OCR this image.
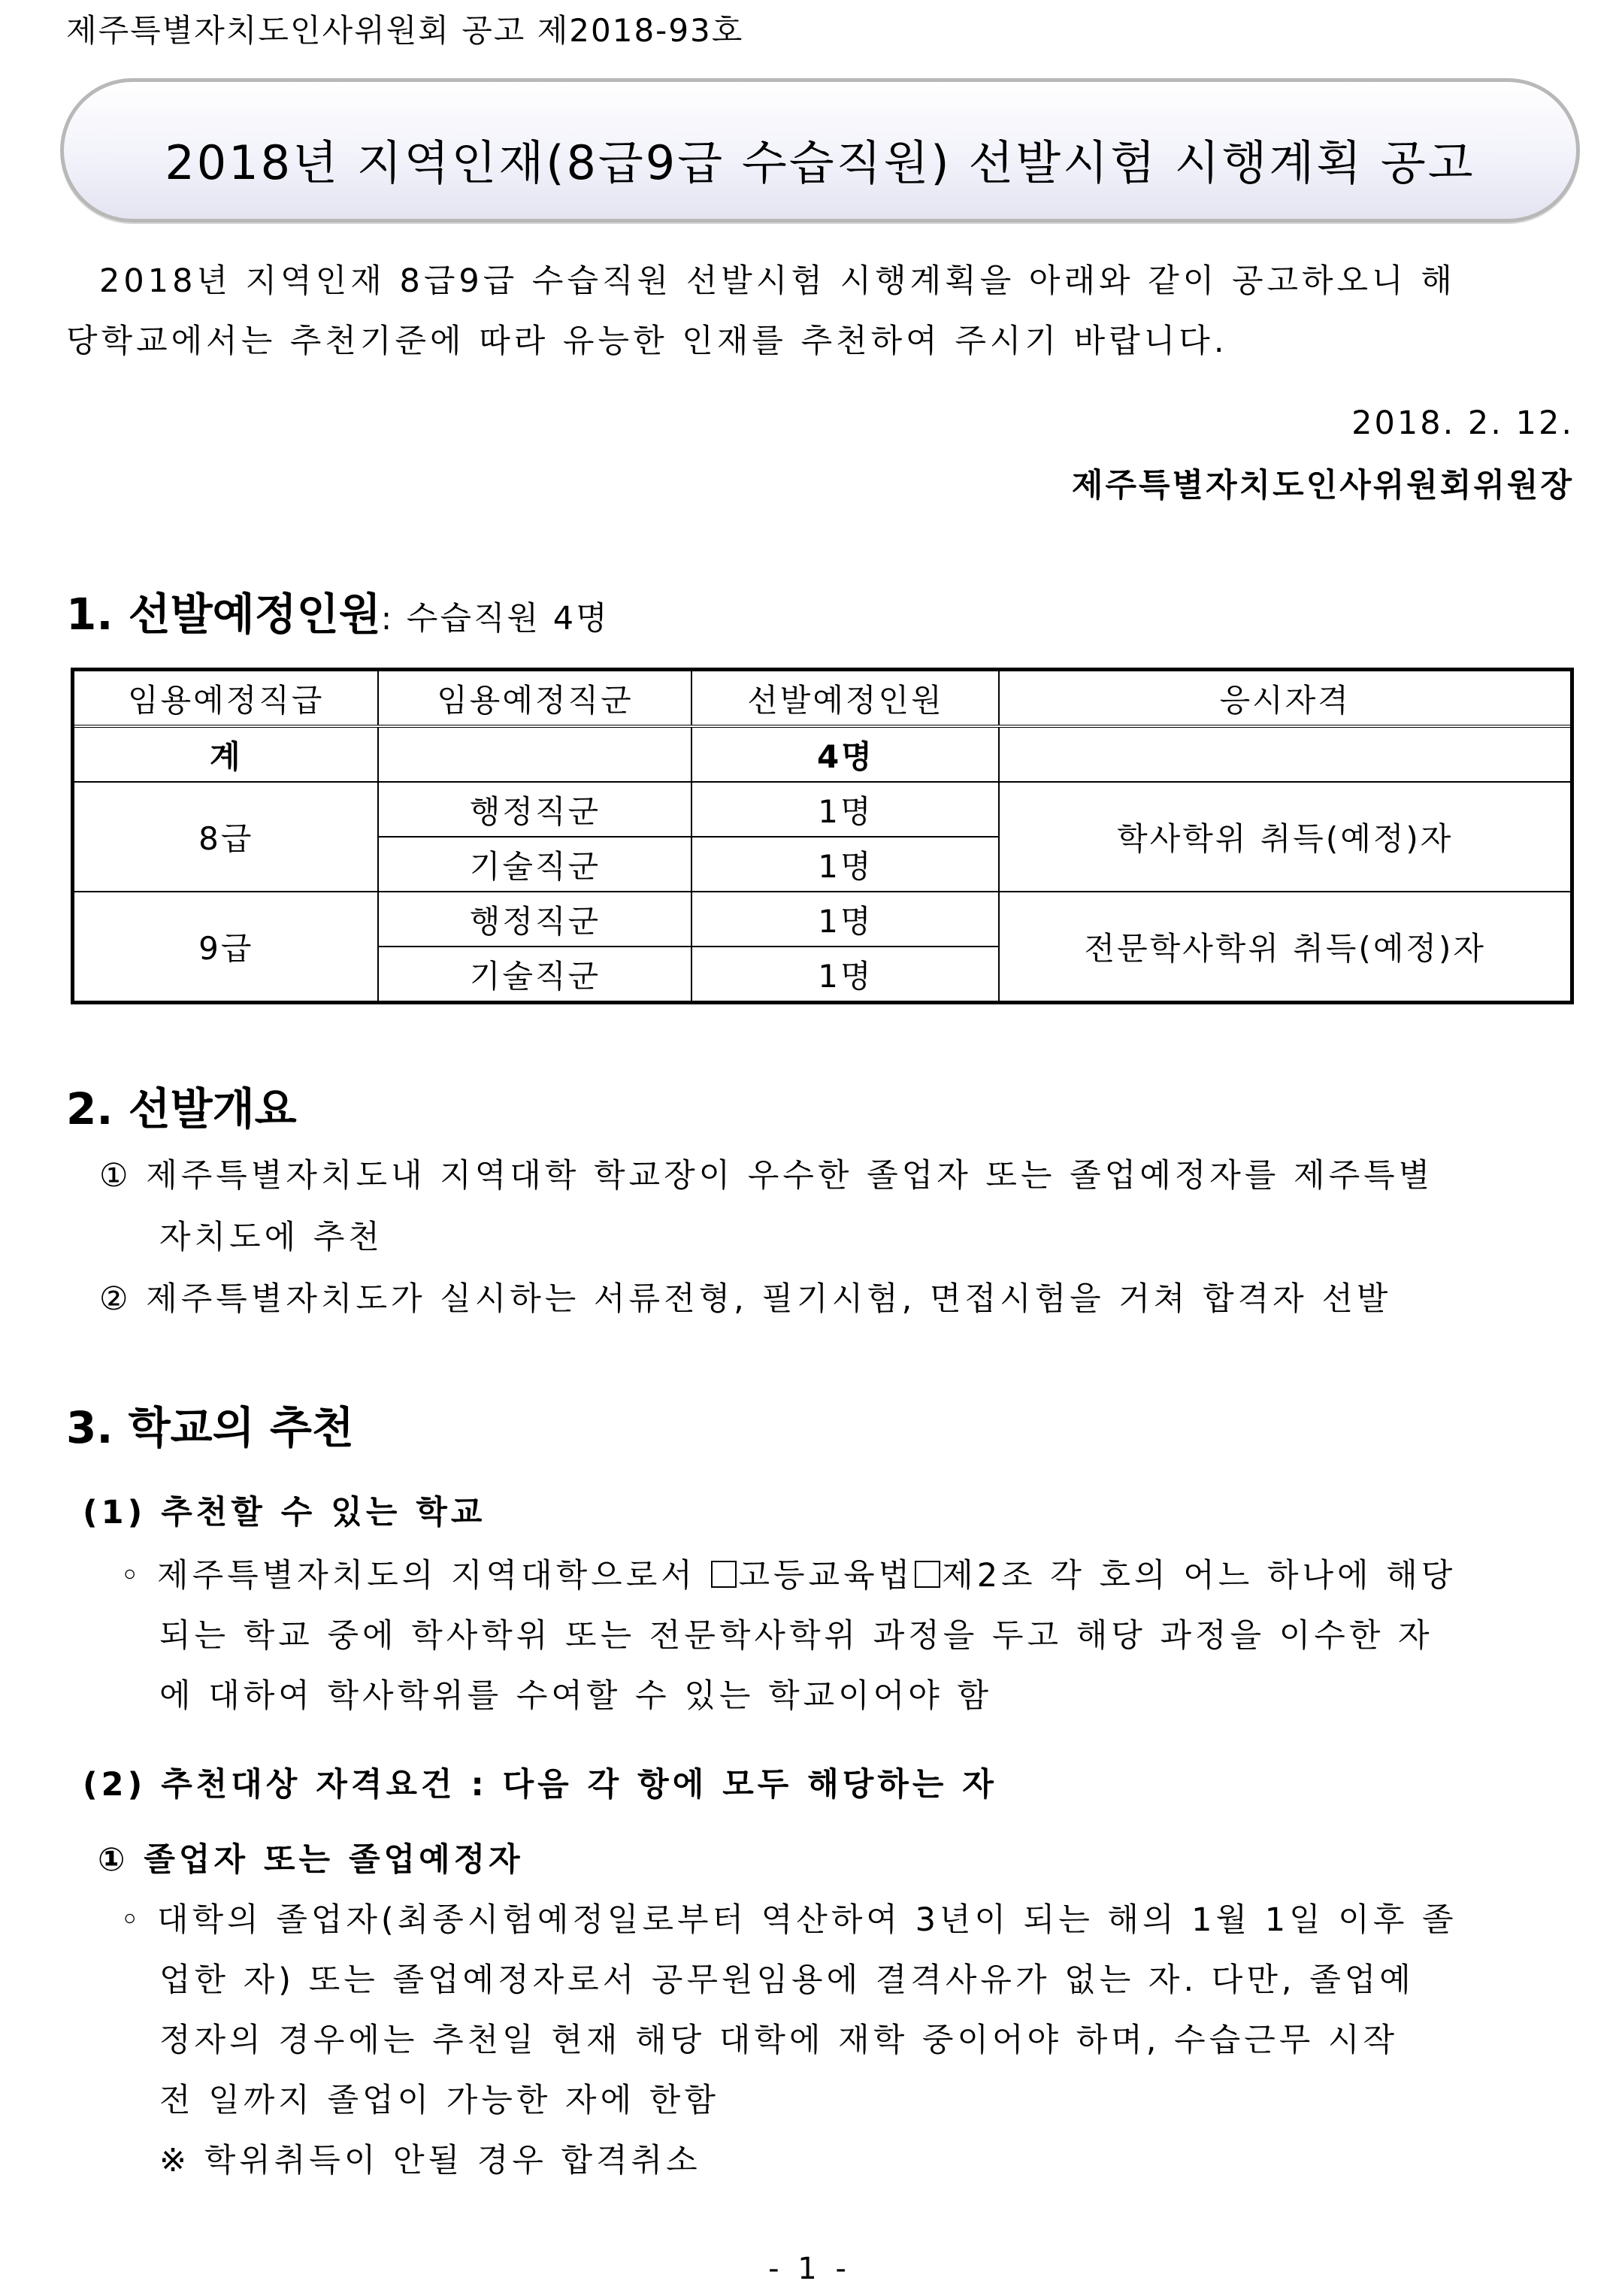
제주특별자치도인사위원회 공고 제2018-93호
2018년 지역인재(8급9급 수습직원) 선발시험 시행계획 공고
2018년 지역인재 8급9급 수습직원 선발시험 시행계획을 아래와 같이 공고하오니 해
당학교에서는 추천기준에 따라 유능한 인재를 추천하여 주시기 바랍니다.
2018. 2. 12.
제주특별자치도인사위원회위원장
1. 선발예정인원: 수습직원 4명
임용예정직급	임용예정직군	선발예정인원	응시자격
계		4명	
8급	행정직군	1명	학사학위 취득(예정)자
	기술직군	1명	
9급	행정직군	1명	전문학사학위 취득(예정)자
	기술직군	1명	
2. 선발개요
① 제주특별자치도내 지역대학 학교장이 우수한 졸업자 또는 졸업예정자를 제주특별
자치도에 추천
② 제주특별자치도가 실시하는 서류전형, 필기시험, 면접시험을 거쳐 합격자 선발
3. 학교의 추천
(1) 추천할 수 있는 학교
◦ 제주특별자치도의 지역대학으로서 고등교육법 제2조 각 호의 어느 하나에 해당
되는 학교 중에 학사학위 또는 전문학사학위 과정을 두고 해당 과정을 이수한 자
에 대하여 학사학위를 수여할 수 있는 학교이어야 함
(2) 추천대상 자격요건 : 다음 각 항에 모두 해당하는 자
① 졸업자 또는 졸업예정자
◦ 대학의 졸업자(최종시험예정일로부터 역산하여 3년이 되는 해의 1월 1일 이후 졸
업한 자) 또는 졸업예정자로서 공무원임용에 결격사유가 없는 자. 다만, 졸업예
정자의 경우에는 추천일 현재 해당 대학에 재학 중이어야 하며, 수습근무 시작
전 일까지 졸업이 가능한 자에 한함
※ 학위취득이 안될 경우 합격취소
- 1 -
